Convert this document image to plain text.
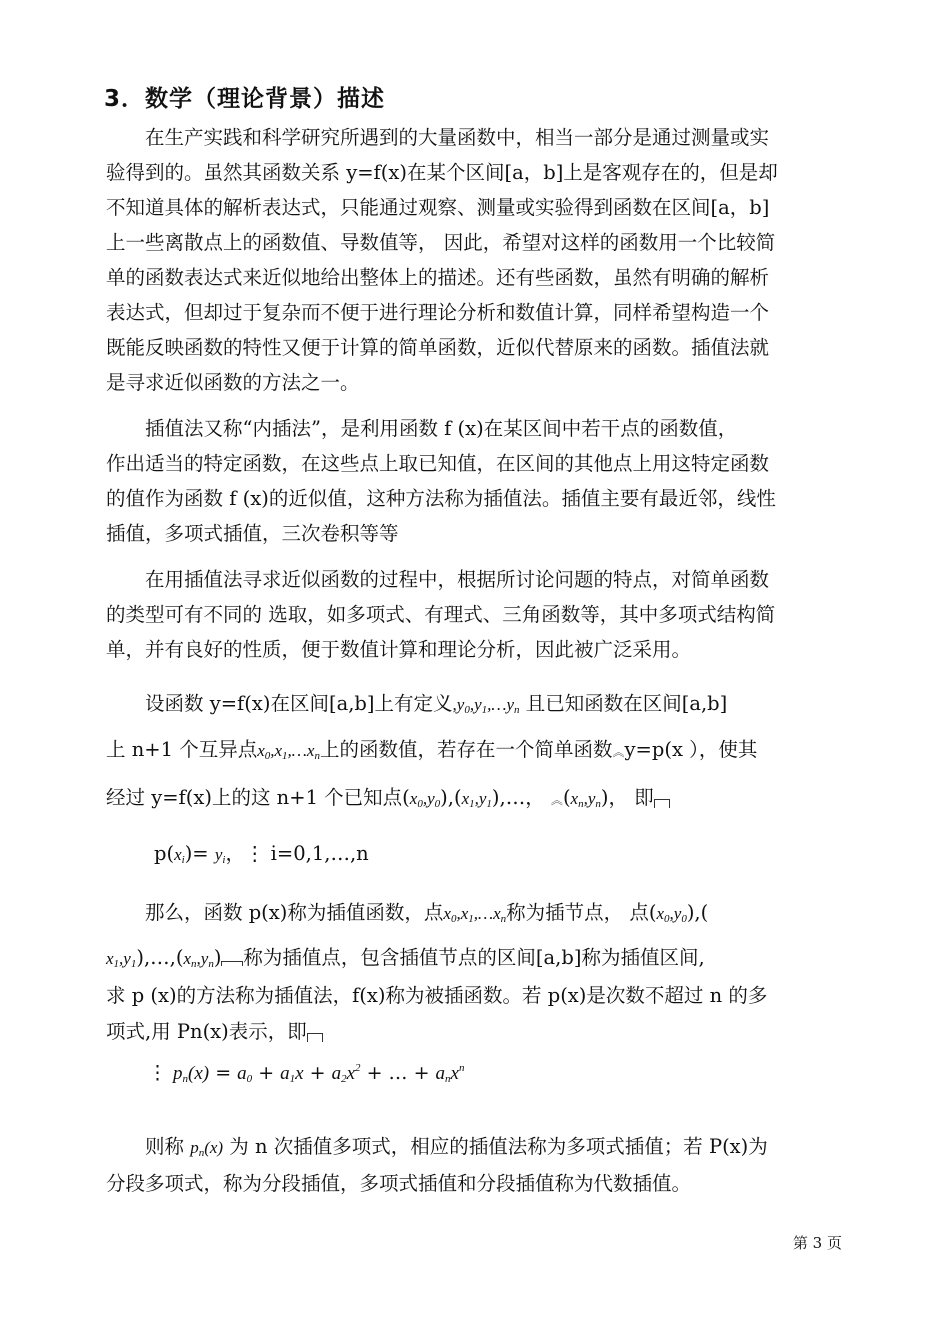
3．数学（理论背景）描述
在生产实践和科学研究所遇到的大量函数中，相当一部分是通过测量或实
验得到的。虽然其函数关系 y=f(x)在某个区间[a，b]上是客观存在的，但是却
不知道具体的解析表达式，只能通过观察、测量或实验得到函数在区间[a，b]
上一些离散点上的函数值、导数值等， 因此，希望对这样的函数用一个比较简
单的函数表达式来近似地给出整体上的描述。还有些函数，虽然有明确的解析
表达式，但却过于复杂而不便于进行理论分析和数值计算，同样希望构造一个
既能反映函数的特性又便于计算的简单函数，近似代替原来的函数。插值法就
是寻求近似函数的方法之一。
插值法又称“内插法”，是利用函数 f (x)在某区间中若干点的函数值，
作出适当的特定函数，在这些点上取已知值，在区间的其他点上用这特定函数
的值作为函数 f (x)的近似值，这种方法称为插值法。插值主要有最近邻，线性
插值，多项式插值，三次卷积等等
在用插值法寻求近似函数的过程中，根据所讨论问题的特点，对简单函数
的类型可有不同的 选取，如多项式、有理式、三角函数等，其中多项式结构简
单，并有良好的性质，便于数值计算和理论分析，因此被广泛采用。
设函数 y=f(x)在区间[a,b]上有定义$,y_0,y_1,\dots y_n$ 且已知函数在区间[a,b]
上 n+1 个互异点$x_0,x_1,\dots x_n$上的函数值，若存在一个简单函数︽y=p(x ），使其
经过 y=f(x)上的这 n+1 个已知点$(x_0,y_0),(x_1,y_1),\dots$， $︽(x_n,y_n)$， 即
$p(x_i)= y_i$，⋮ i=0,1,…,n
那么，函数 p(x)称为插值函数，点$x_0,x_1,\dots x_n$称为插节点， 点$(x_0,y_0)$,(
$x_1,y_1),\dots,(x_n,y_n)$ 称为插值点，包含插值节点的区间[a,b]称为插值区间,
求 p (x)的方法称为插值法，f(x)称为被插函数。若 p(x)是次数不超过 n 的多
项式,用 Pn(x)表示，即
⋮ $p_n(x) = a_0 + a_1x + a_2x^2$ + … + $a_nx^n$
则称 $p_n(x)$ 为 n 次插值多项式，相应的插值法称为多项式插值；若 P(x)为
分段多项式，称为分段插值，多项式插值和分段插值称为代数插值。
第 3 页
